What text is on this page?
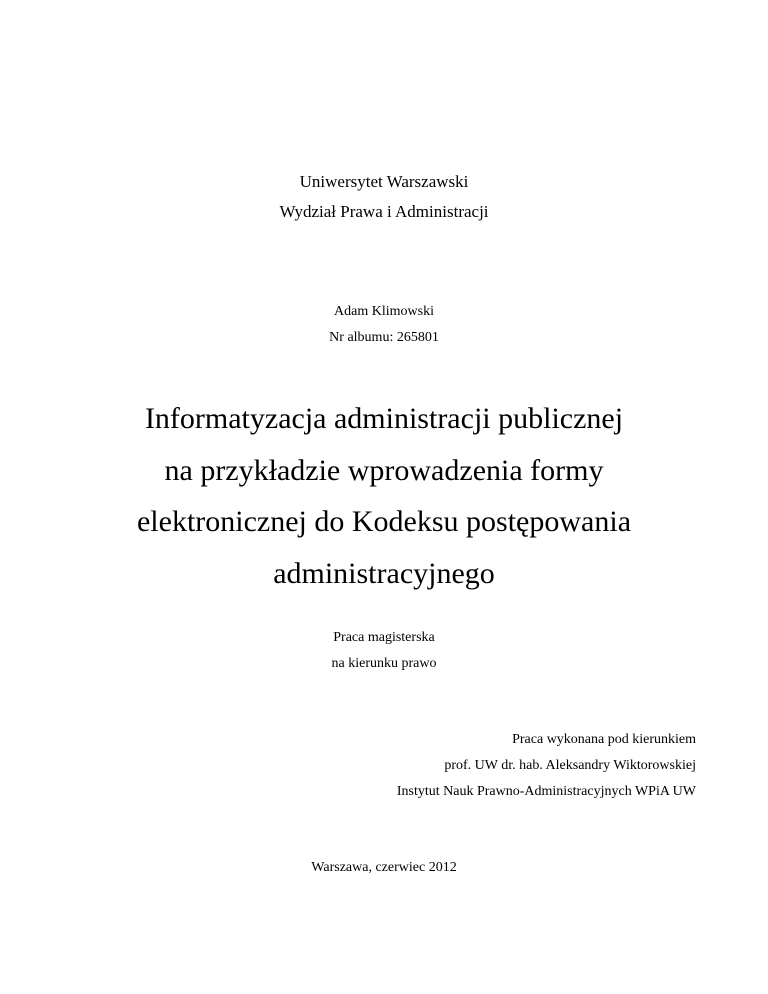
Uniwersytet Warszawski
Wydział Prawa i Administracji
Adam Klimowski
Nr albumu: 265801
Informatyzacja administracji publicznej
na przykładzie wprowadzenia formy
elektronicznej do Kodeksu postępowania
administracyjnego
Praca magisterska
na kierunku prawo
Praca wykonana pod kierunkiem
prof. UW dr. hab. Aleksandry Wiktorowskiej
Instytut Nauk Prawno-Administracyjnych WPiA UW
Warszawa, czerwiec 2012
